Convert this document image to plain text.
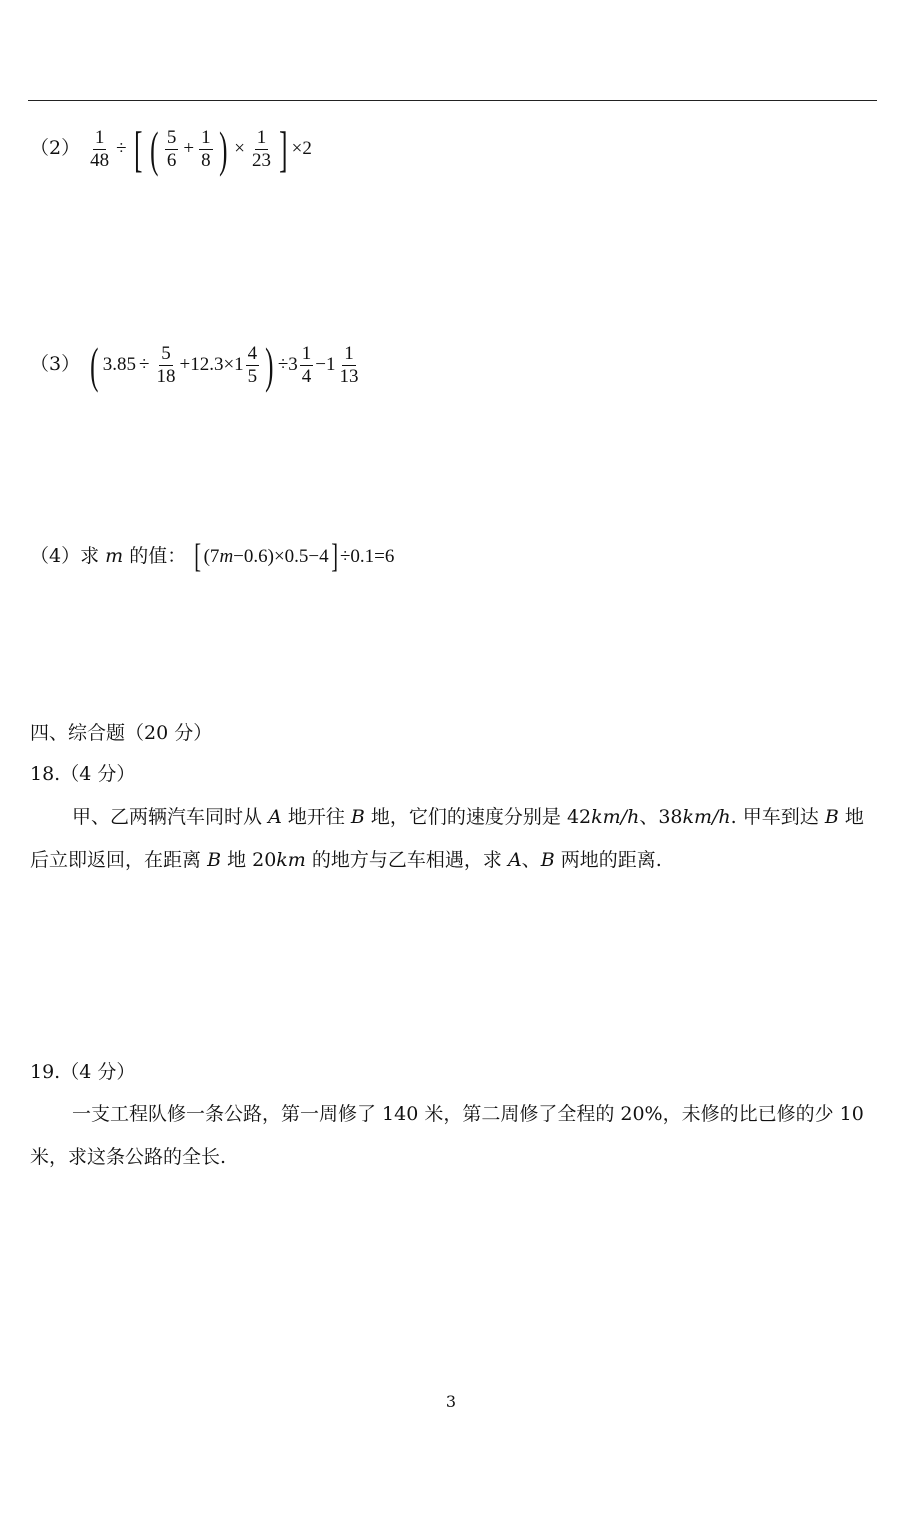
$(2) \frac{1}{48}$ ÷ [ ( $\frac{5}{6} + \frac{1}{8}$ ) × $\frac{1}{23}$ ] ×2
（3） ( $3.85 \div \frac{5}{18} +12.3\times 1 \frac{4}{5}$ ) $\div 3 \frac{1}{4} -1 \frac{1}{13}$
（4）求 m 的值： [ (7 m −0.6)×0.5−4 ] ÷0.1=6
四、综合题（20 分）
18.（4 分）
甲、乙两辆汽车同时从 A 地开往 B 地，它们的速度分别是 42km/h、38km/h. 甲车到达 B 地后立即返回，在距离 B 地 20km 的地方与乙车相遇，求 A、B 两地的距离.
19.（4 分）
一支工程队修一条公路，第一周修了 140 米，第二周修了全程的 20%，未修的比已修的少 10 米，求这条公路的全长.
3
